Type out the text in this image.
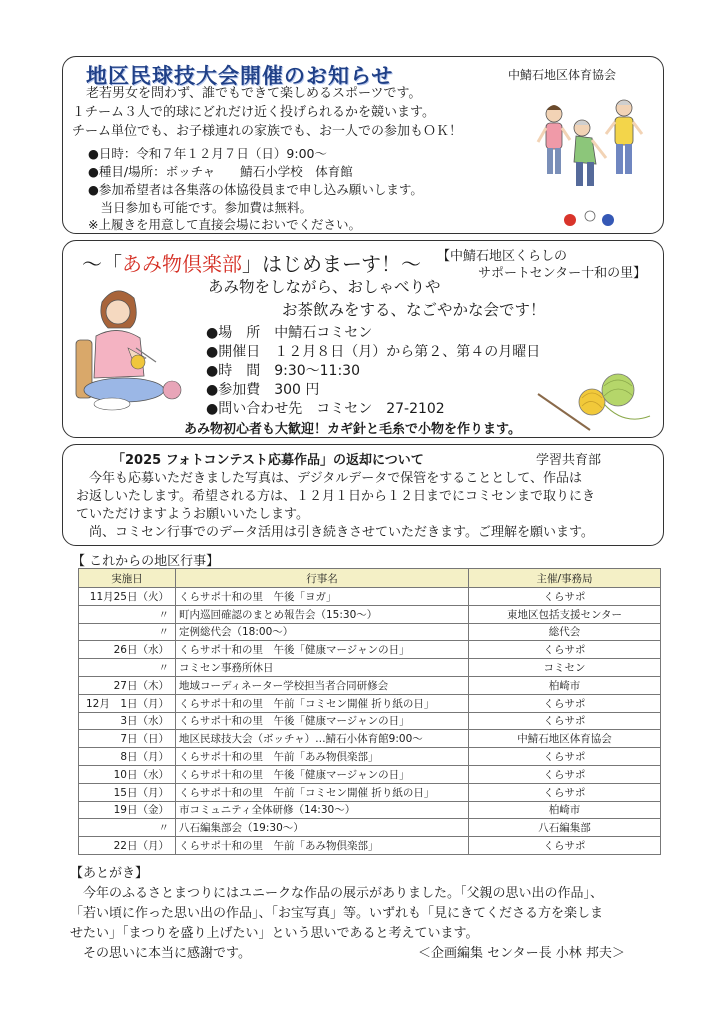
地区民球技大会開催のお知らせ	中鯖石地区体育協会
老若男女を問わず、誰でもできて楽しめるスポーツです。
１チーム３人で的球にどれだけ近く投げられるかを競います。
チーム単位でも、お子様連れの家族でも、お一人での参加もＯＫ！
●日時：令和７年１２月７日（日）9:00～
●種目/場所：ボッチャ　　鯖石小学校　体育館
●参加希望者は各集落の体協役員まで申し込み願いします。
　当日参加も可能です。参加費は無料。
※上履きを用意して直接会場においでください。
～「あみ物倶楽部」はじめまーす！～ 【中鯖石地区くらしの
サポートセンター十和の里】
あみ物をしながら、おしゃべりや
お茶飲みをする、なごやかな会です！
●場　所　中鯖石コミセン
●開催日　１２月８日（月）から第２、第４の月曜日
●時　間　9:30～11:30
●参加費　300 円
●問い合わせ先　コミセン　27-2102
あみ物初心者も大歓迎！カギ針と毛糸で小物を作ります。
「2025 フォトコンテスト応募作品」の返却について	学習共育部
　今年も応募いただきました写真は、デジタルデータで保管をすることとして、作品は
お返しいたします。希望される方は、１２月１日から１２日までにコミセンまで取りにき
ていただけますようお願いいたします。
　尚、コミセン行事でのデータ活用は引き続きさせていただきます。ご理解を願います。
【 これからの地区行事】
実施日	行事名	主催/事務局
11月25日（火）	くらサポ十和の里　午後「ヨガ」	くらサポ
〃	町内巡回確認のまとめ報告会（15:30～）	東地区包括支援センター
〃	定例総代会（18:00～）	総代会
26日（水）	くらサポ十和の里　午後「健康マージャンの日」	くらサポ
〃	コミセン事務所休日	コミセン
27日（木）	地域コーディネーター学校担当者合同研修会	柏崎市
12月　1日（月）	くらサポ十和の里　午前「コミセン開催 折り紙の日」	くらサポ
3日（水）	くらサポ十和の里　午後「健康マージャンの日」	くらサポ
7日（日）	地区民球技大会（ボッチャ）…鯖石小体育館9:00～	中鯖石地区体育協会
8日（月）	くらサポ十和の里　午前「あみ物倶楽部」	くらサポ
10日（水）	くらサポ十和の里　午後「健康マージャンの日」	くらサポ
15日（月）	くらサポ十和の里　午前「コミセン開催 折り紙の日」	くらサポ
19日（金）	市コミュニティ全体研修（14:30～）	柏崎市
〃	八石編集部会（19:30～）	八石編集部
22日（月）	くらサポ十和の里　午前「あみ物倶楽部」	くらサポ
【あとがき】
　今年のふるさとまつりにはユニークな作品の展示がありました。「父親の思い出の作品」、
「若い頃に作った思い出の作品」、「お宝写真」等。いずれも「見にきてくださる方を楽しま
せたい」「まつりを盛り上げたい」という思いであると考えています。
　その思いに本当に感謝です。	＜企画編集 センター長 小林 邦夫＞
